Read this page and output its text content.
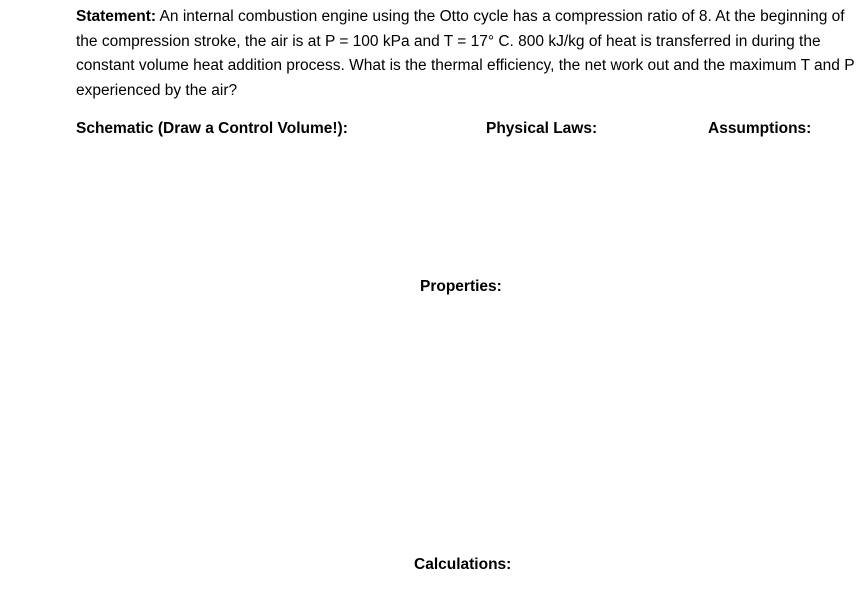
Statement: An internal combustion engine using the Otto cycle has a compression ratio of 8. At the beginning of the compression stroke, the air is at P = 100 kPa and T = 17° C. 800 kJ/kg of heat is transferred in during the constant volume heat addition process. What is the thermal efficiency, the net work out and the maximum T and P experienced by the air?

Schematic (Draw a Control Volume!):	Physical Laws:	Assumptions:
Properties:
Calculations:
